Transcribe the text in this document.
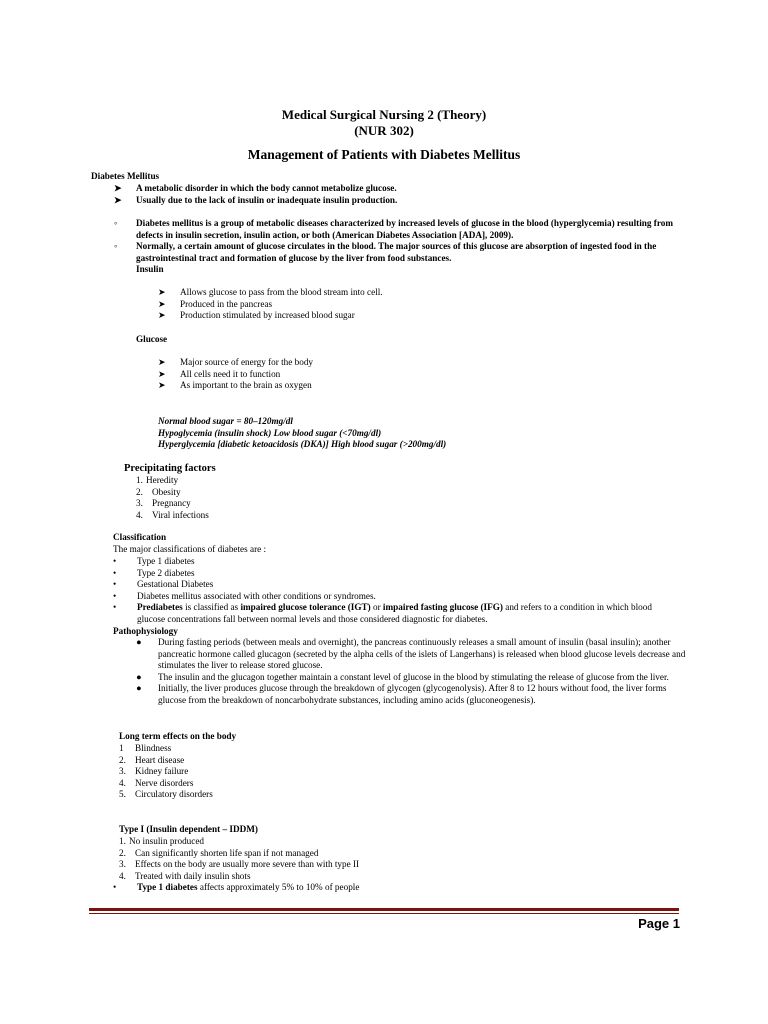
Medical Surgical Nursing 2 (Theory)
(NUR 302)
Management of Patients with Diabetes Mellitus
Diabetes Mellitus
➤ A metabolic disorder in which the body cannot metabolize glucose.
➤ Usually due to the lack of insulin or inadequate insulin production.
◦ Diabetes mellitus is a group of metabolic diseases characterized by increased levels of glucose in the blood (hyperglycemia) resulting from defects in insulin secretion, insulin action, or both (American Diabetes Association [ADA], 2009).
◦ Normally, a certain amount of glucose circulates in the blood. The major sources of this glucose are absorption of ingested food in the gastrointestinal tract and formation of glucose by the liver from food substances.
Insulin
➤ Allows glucose to pass from the blood stream into cell.
➤ Produced in the pancreas
➤ Production stimulated by increased blood sugar
Glucose
➤ Major source of energy for the body
➤ All cells need it to function
➤ As important to the brain as oxygen
Normal blood sugar = 80–120mg/dl
Hypoglycemia (insulin shock) Low blood sugar (<70mg/dl)
Hyperglycemia [diabetic ketoacidosis (DKA)] High blood sugar (>200mg/dl)
Precipitating factors
1. Heredity
2. Obesity
3. Pregnancy
4. Viral infections
Classification
The major classifications of diabetes are :
• Type 1 diabetes
• Type 2 diabetes
• Gestational Diabetes
• Diabetes mellitus associated with other conditions or syndromes.
• Prediabetes is classified as impaired glucose tolerance (IGT) or impaired fasting glucose (IFG) and refers to a condition in which blood glucose concentrations fall between normal levels and those considered diagnostic for diabetes.
Pathophysiology
● During fasting periods (between meals and overnight), the pancreas continuously releases a small amount of insulin (basal insulin); another pancreatic hormone called glucagon (secreted by the alpha cells of the islets of Langerhans) is released when blood glucose levels decrease and stimulates the liver to release stored glucose.
● The insulin and the glucagon together maintain a constant level of glucose in the blood by stimulating the release of glucose from the liver.
● Initially, the liver produces glucose through the breakdown of glycogen (glycogenolysis). After 8 to 12 hours without food, the liver forms glucose from the breakdown of noncarbohydrate substances, including amino acids (gluconeogenesis).
Long term effects on the body
1 Blindness
2. Heart disease
3. Kidney failure
4. Nerve disorders
5. Circulatory disorders
Type I (Insulin dependent – IDDM)
1. No insulin produced
2. Can significantly shorten life span if not managed
3. Effects on the body are usually more severe than with type II
4. Treated with daily insulin shots
• Type 1 diabetes affects approximately 5% to 10% of people
Page 1
